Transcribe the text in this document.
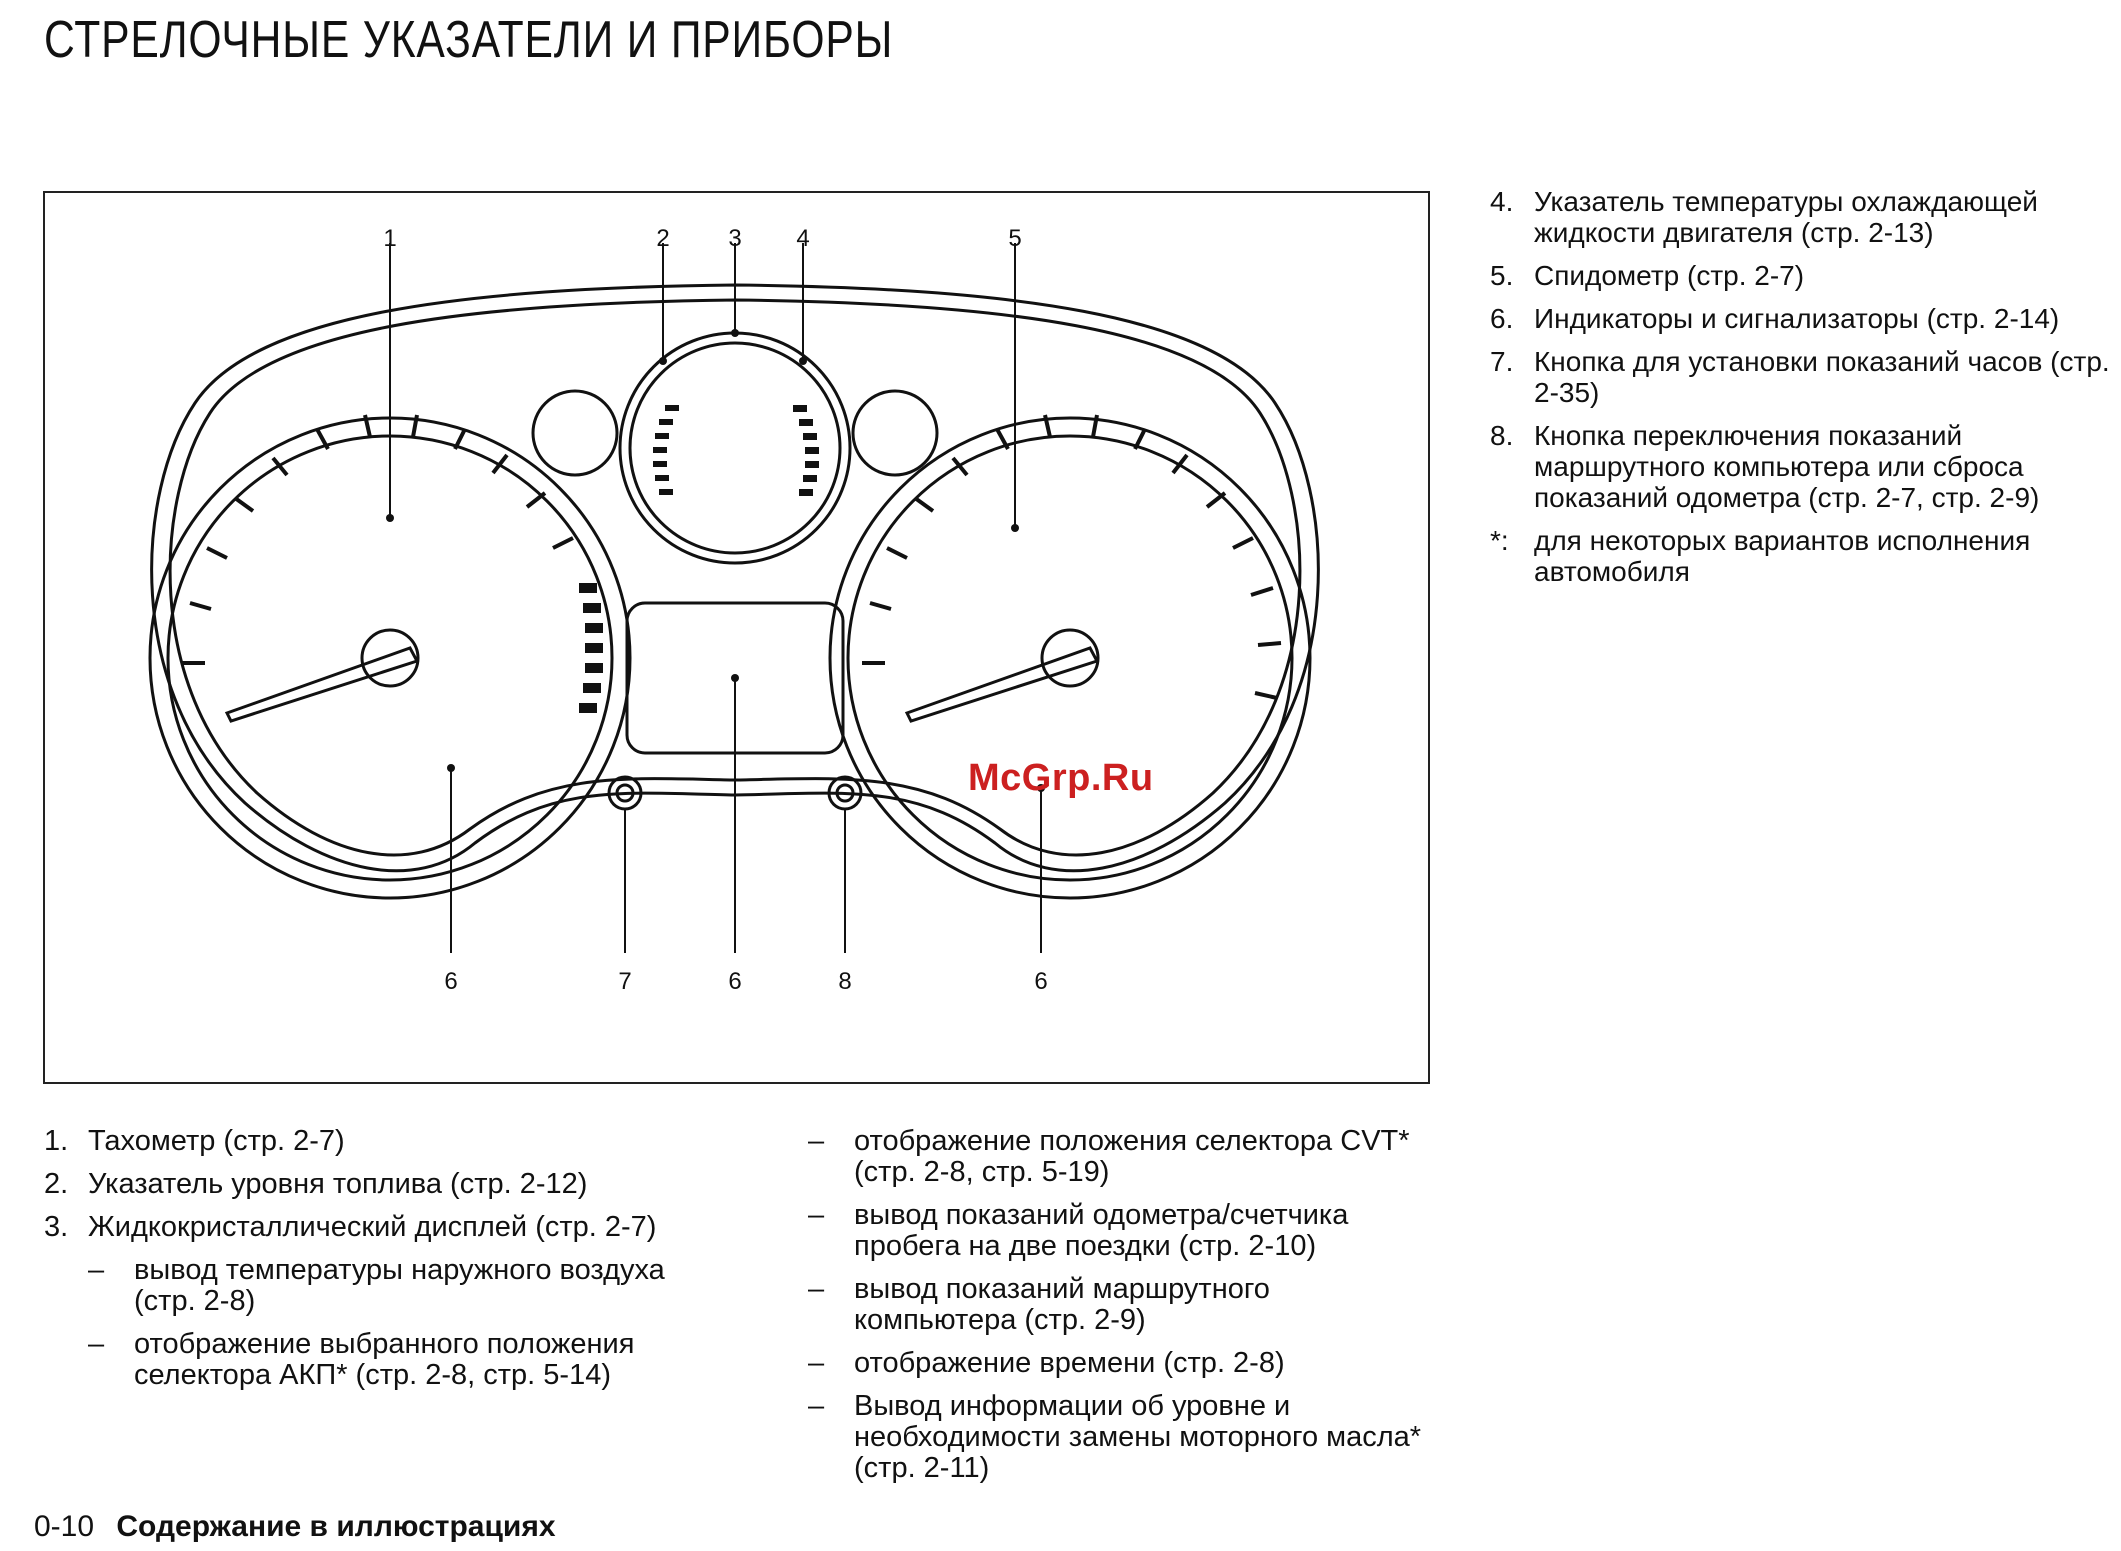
СТРЕЛОЧНЫЕ УКАЗАТЕЛИ И ПРИБОРЫ
1	2 3 4	5
6	7	6	8	6
McGrp.Ru
1. Тахометр (стр. 2-7)
2. Указатель уровня топлива (стр. 2-12)
3. Жидкокристаллический дисплей (стр. 2-7)
– вывод температуры наружного воздуха (стр. 2-8)
– отображение выбранного положения селектора АКП* (стр. 2-8, стр. 5-14)
– отображение положения селектора CVT* (стр. 2-8, стр. 5-19)
– вывод показаний одометра/счетчика пробега на две поездки (стр. 2-10)
– вывод показаний маршрутного компьютера (стр. 2-9)
– отображение времени (стр. 2-8)
– Вывод информации об уровне и необходимости замены моторного масла* (стр. 2-11)
4. Указатель температуры охлаждающей жидкости двигателя (стр. 2-13)
5. Спидометр (стр. 2-7)
6. Индикаторы и сигнализаторы (стр. 2-14)
7. Кнопка для установки показаний часов (стр. 2-35)
8. Кнопка переключения показаний маршрутного компьютера или сброса показаний одометра (стр. 2-7, стр. 2-9)
*: для некоторых вариантов исполнения автомобиля
0-10 Содержание в иллюстрациях
